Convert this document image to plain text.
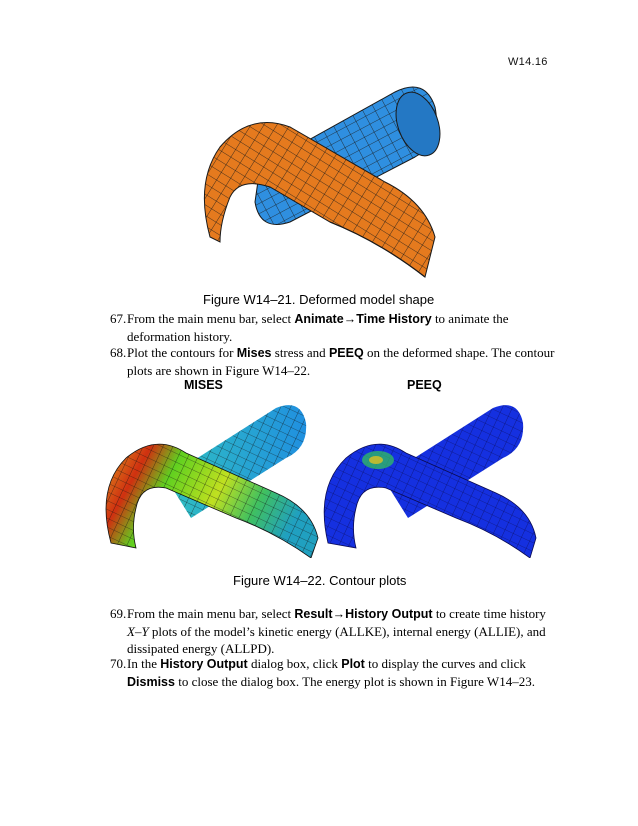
W14.16
Figure W14–21. Deformed model shape
67. From the main menu bar, select Animate→Time History to animate the
deformation history.
68. Plot the contours for Mises stress and PEEQ on the deformed shape. The contour
plots are shown in Figure W14–22.
MISES	PEEQ
Figure W14–22. Contour plots
69. From the main menu bar, select Result→History Output to create time history
X–Y plots of the model’s kinetic energy (ALLKE), internal energy (ALLIE), and
dissipated energy (ALLPD).
70. In the History Output dialog box, click Plot to display the curves and click
Dismiss to close the dialog box. The energy plot is shown in Figure W14–23.
